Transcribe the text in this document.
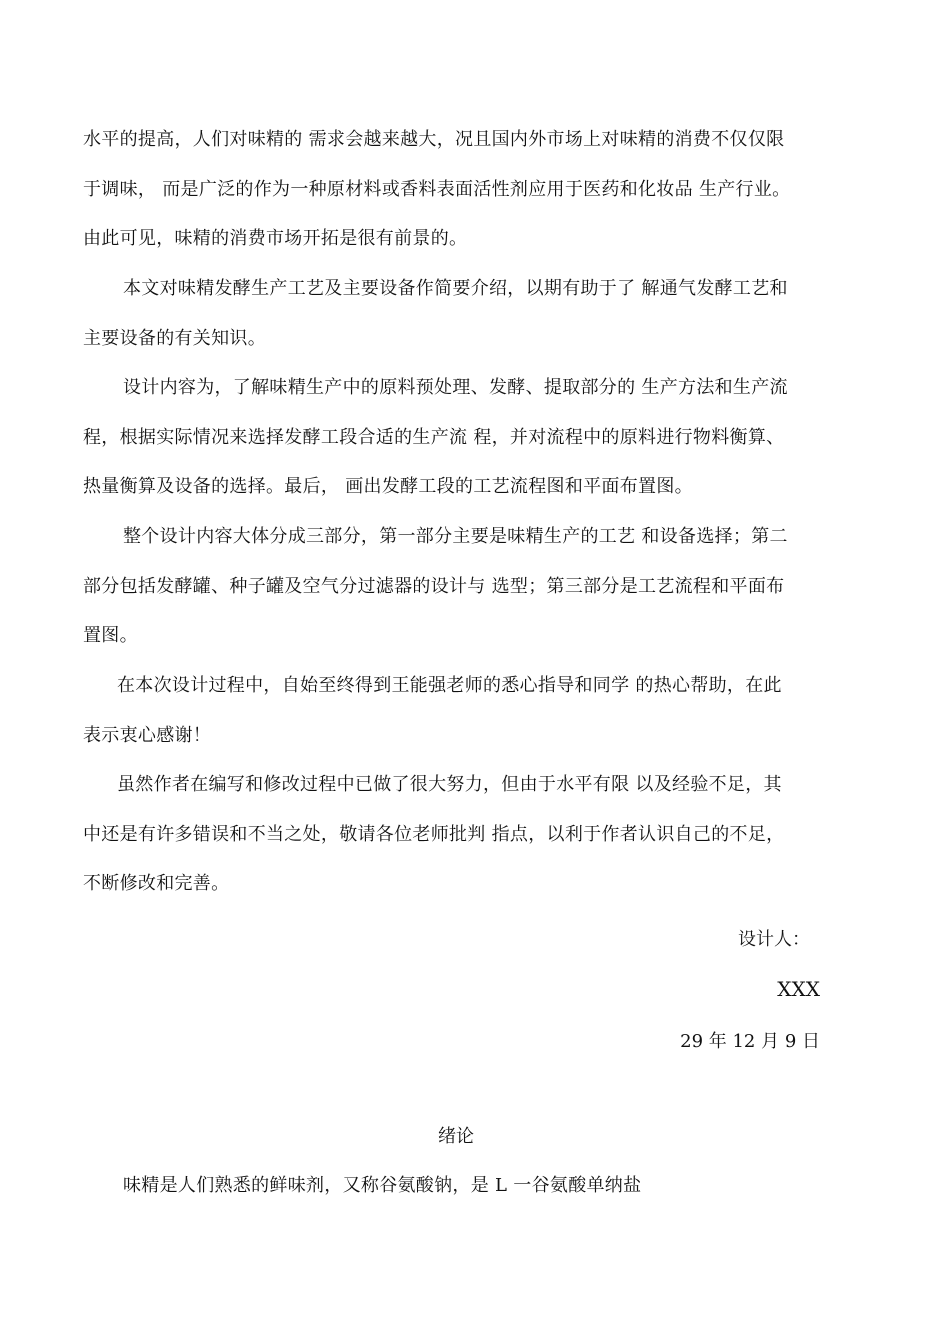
水平的提高，人们对味精的 需求会越来越大，况且国内外市场上对味精的消费不仅仅限
于调味， 而是广泛的作为一种原材料或香料表面活性剂应用于医药和化妆品 生产行业。
由此可见，味精的消费市场开拓是很有前景的。
本文对味精发酵生产工艺及主要设备作简要介绍，以期有助于了 解通气发酵工艺和
主要设备的有关知识。
设计内容为，了解味精生产中的原料预处理、发酵、提取部分的 生产方法和生产流
程，根据实际情况来选择发酵工段合适的生产流 程，并对流程中的原料进行物料衡算、
热量衡算及设备的选择。最后， 画出发酵工段的工艺流程图和平面布置图。
整个设计内容大体分成三部分，第一部分主要是味精生产的工艺 和设备选择；第二
部分包括发酵罐、种子罐及空气分过滤器的设计与 选型；第三部分是工艺流程和平面布
置图。
在本次设计过程中，自始至终得到王能强老师的悉心指导和同学 的热心帮助，在此
表示衷心感谢！
虽然作者在编写和修改过程中已做了很大努力，但由于水平有限 以及经验不足，其
中还是有许多错误和不当之处，敬请各位老师批判 指点，以利于作者认识自己的不足，
不断修改和完善。
设计人：
XXX
29 年 12 月 9 日
绪论
味精是人们熟悉的鲜味剂，又称谷氨酸钠，是 L 一谷氨酸单纳盐
